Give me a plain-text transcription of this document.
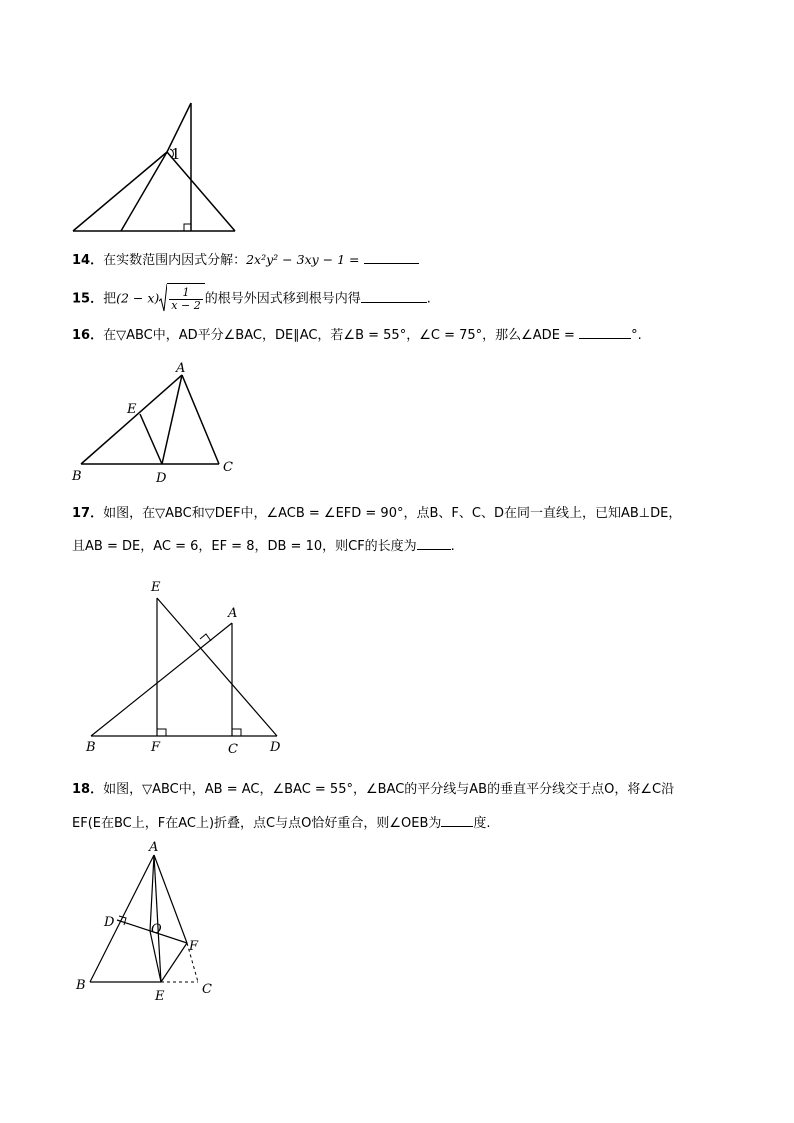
1
14．在实数范围内因式分解：2x²y² − 3xy − 1 =
15．把$(2 - x) \frac{1}{x - 2}$ 的根号外因式移到根号内得	.
16．在▽ABC中，AD平分∠BAC，DE∥AC，若∠B = 55°，∠C = 75°，那么∠ADE =	°.
A
E
B	D
C
17．如图，在▽ABC和▽DEF中，∠ACB = ∠EFD = 90°，点B、F、C、D在同一直线上，已知AB⊥DE，
且AB = DE，AC = 6，EF = 8，DB = 10，则CF的长度为	.
E
A
B	F	C D
18．如图，▽ABC中，AB = AC，∠BAC = 55°，∠BAC的平分线与AB的垂直平分线交于点O，将∠C沿
EF(E在BC上，F在AC上)折叠，点C与点O恰好重合，则∠OEB为 度.
A
D	O
F
B
E	C
